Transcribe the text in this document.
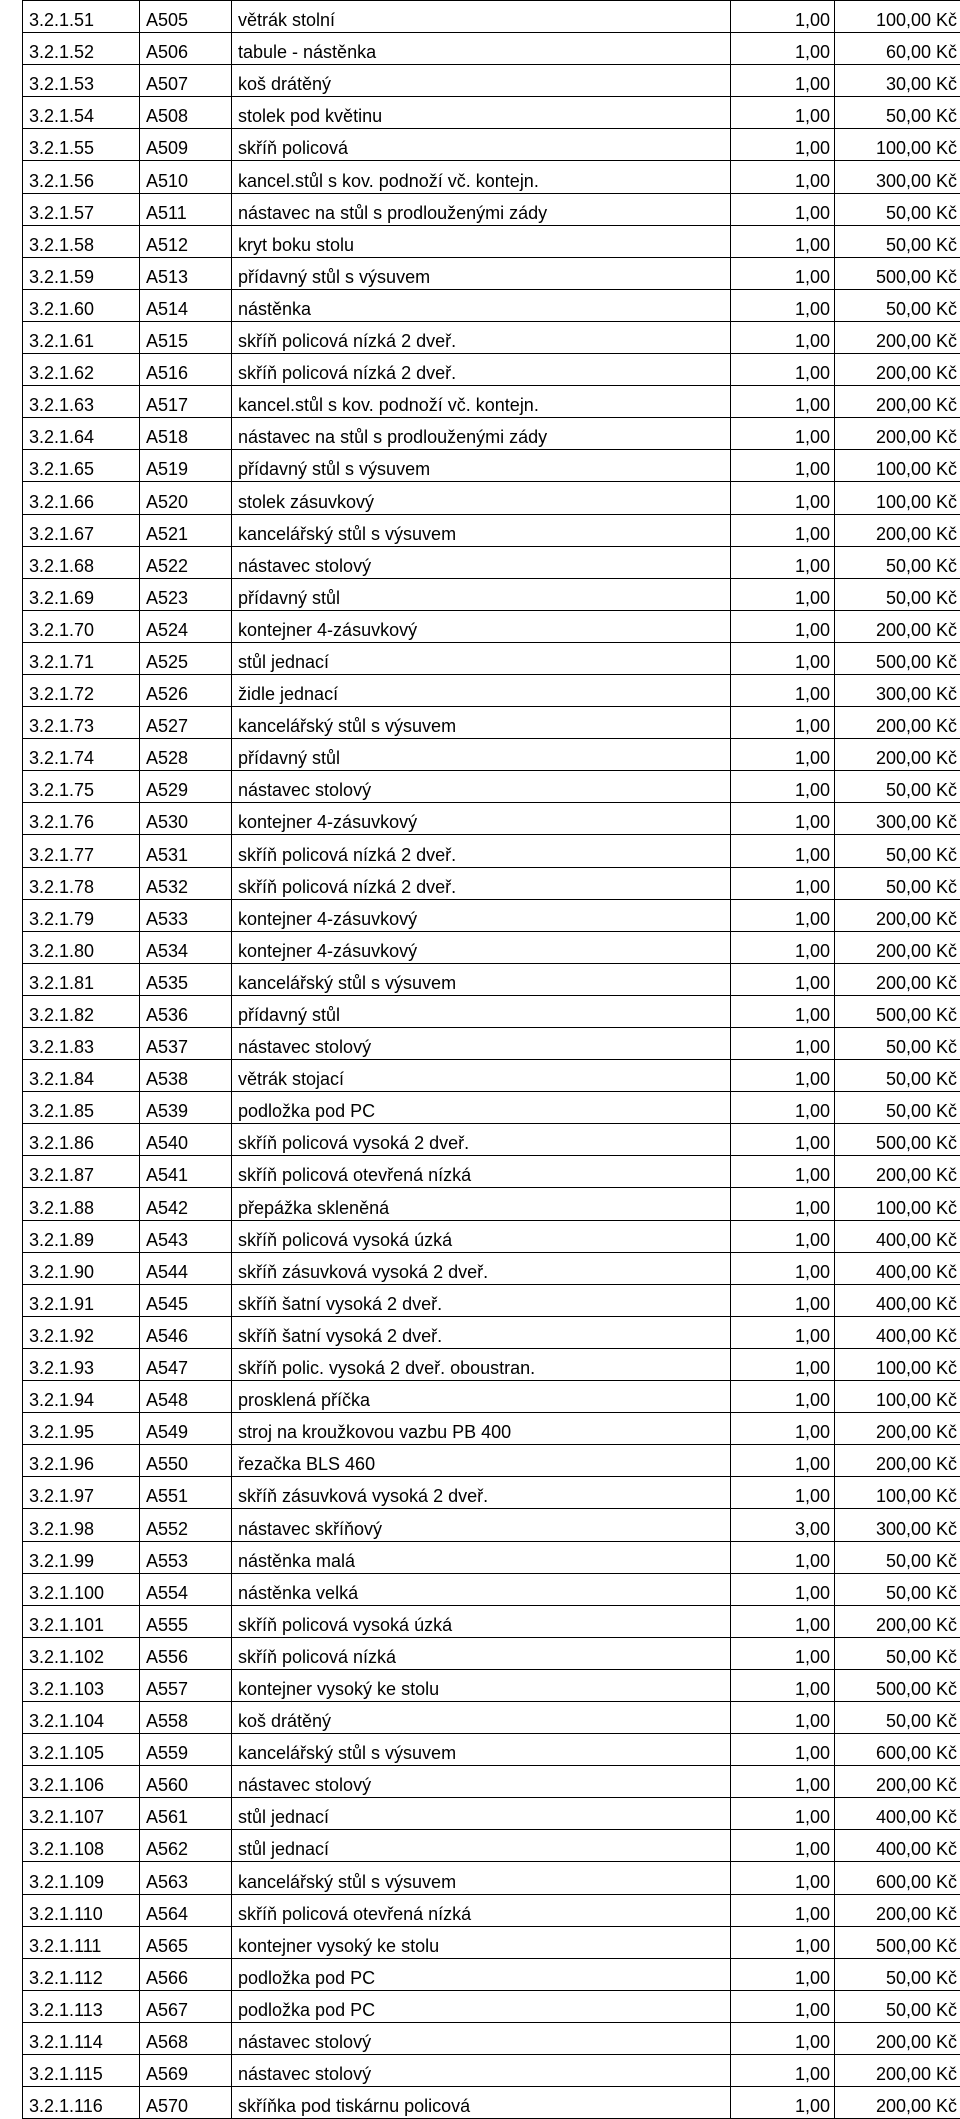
3.2.1.51	A505	větrák stolní	1,00	100,00 Kč
3.2.1.52	A506	tabule - nástěnka	1,00	60,00 Kč
3.2.1.53	A507	koš drátěný	1,00	30,00 Kč
3.2.1.54	A508	stolek pod květinu	1,00	50,00 Kč
3.2.1.55	A509	skříň policová	1,00	100,00 Kč
3.2.1.56	A510	kancel.stůl s kov. podnoží vč. kontejn.	1,00	300,00 Kč
3.2.1.57	A511	nástavec na stůl s prodlouženými zády	1,00	50,00 Kč
3.2.1.58	A512	kryt boku stolu	1,00	50,00 Kč
3.2.1.59	A513	přídavný stůl s výsuvem	1,00	500,00 Kč
3.2.1.60	A514	nástěnka	1,00	50,00 Kč
3.2.1.61	A515	skříň policová nízká 2 dveř.	1,00	200,00 Kč
3.2.1.62	A516	skříň policová nízká 2 dveř.	1,00	200,00 Kč
3.2.1.63	A517	kancel.stůl s kov. podnoží vč. kontejn.	1,00	200,00 Kč
3.2.1.64	A518	nástavec na stůl s prodlouženými zády	1,00	200,00 Kč
3.2.1.65	A519	přídavný stůl s výsuvem	1,00	100,00 Kč
3.2.1.66	A520	stolek zásuvkový	1,00	100,00 Kč
3.2.1.67	A521	kancelářský stůl s výsuvem	1,00	200,00 Kč
3.2.1.68	A522	nástavec stolový	1,00	50,00 Kč
3.2.1.69	A523	přídavný stůl	1,00	50,00 Kč
3.2.1.70	A524	kontejner 4-zásuvkový	1,00	200,00 Kč
3.2.1.71	A525	stůl jednací	1,00	500,00 Kč
3.2.1.72	A526	židle jednací	1,00	300,00 Kč
3.2.1.73	A527	kancelářský stůl s výsuvem	1,00	200,00 Kč
3.2.1.74	A528	přídavný stůl	1,00	200,00 Kč
3.2.1.75	A529	nástavec stolový	1,00	50,00 Kč
3.2.1.76	A530	kontejner 4-zásuvkový	1,00	300,00 Kč
3.2.1.77	A531	skříň policová nízká 2 dveř.	1,00	50,00 Kč
3.2.1.78	A532	skříň policová nízká 2 dveř.	1,00	50,00 Kč
3.2.1.79	A533	kontejner 4-zásuvkový	1,00	200,00 Kč
3.2.1.80	A534	kontejner 4-zásuvkový	1,00	200,00 Kč
3.2.1.81	A535	kancelářský stůl s výsuvem	1,00	200,00 Kč
3.2.1.82	A536	přídavný stůl	1,00	500,00 Kč
3.2.1.83	A537	nástavec stolový	1,00	50,00 Kč
3.2.1.84	A538	větrák stojací	1,00	50,00 Kč
3.2.1.85	A539	podložka pod PC	1,00	50,00 Kč
3.2.1.86	A540	skříň policová vysoká 2 dveř.	1,00	500,00 Kč
3.2.1.87	A541	skříň policová otevřená nízká	1,00	200,00 Kč
3.2.1.88	A542	přepážka skleněná	1,00	100,00 Kč
3.2.1.89	A543	skříň policová vysoká úzká	1,00	400,00 Kč
3.2.1.90	A544	skříň zásuvková vysoká 2 dveř.	1,00	400,00 Kč
3.2.1.91	A545	skříň šatní vysoká 2 dveř.	1,00	400,00 Kč
3.2.1.92	A546	skříň šatní vysoká 2 dveř.	1,00	400,00 Kč
3.2.1.93	A547	skříň polic. vysoká 2 dveř. oboustran.	1,00	100,00 Kč
3.2.1.94	A548	prosklená příčka	1,00	100,00 Kč
3.2.1.95	A549	stroj na kroužkovou vazbu PB 400	1,00	200,00 Kč
3.2.1.96	A550	řezačka BLS 460	1,00	200,00 Kč
3.2.1.97	A551	skříň zásuvková vysoká 2 dveř.	1,00	100,00 Kč
3.2.1.98	A552	nástavec skříňový	3,00	300,00 Kč
3.2.1.99	A553	nástěnka malá	1,00	50,00 Kč
3.2.1.100	A554	nástěnka velká	1,00	50,00 Kč
3.2.1.101	A555	skříň policová vysoká úzká	1,00	200,00 Kč
3.2.1.102	A556	skříň policová nízká	1,00	50,00 Kč
3.2.1.103	A557	kontejner vysoký ke stolu	1,00	500,00 Kč
3.2.1.104	A558	koš drátěný	1,00	50,00 Kč
3.2.1.105	A559	kancelářský stůl s výsuvem	1,00	600,00 Kč
3.2.1.106	A560	nástavec stolový	1,00	200,00 Kč
3.2.1.107	A561	stůl jednací	1,00	400,00 Kč
3.2.1.108	A562	stůl jednací	1,00	400,00 Kč
3.2.1.109	A563	kancelářský stůl s výsuvem	1,00	600,00 Kč
3.2.1.110	A564	skříň policová otevřená nízká	1,00	200,00 Kč
3.2.1.111	A565	kontejner vysoký ke stolu	1,00	500,00 Kč
3.2.1.112	A566	podložka pod PC	1,00	50,00 Kč
3.2.1.113	A567	podložka pod PC	1,00	50,00 Kč
3.2.1.114	A568	nástavec stolový	1,00	200,00 Kč
3.2.1.115	A569	nástavec stolový	1,00	200,00 Kč
3.2.1.116	A570	skříňka pod tiskárnu policová	1,00	200,00 Kč
